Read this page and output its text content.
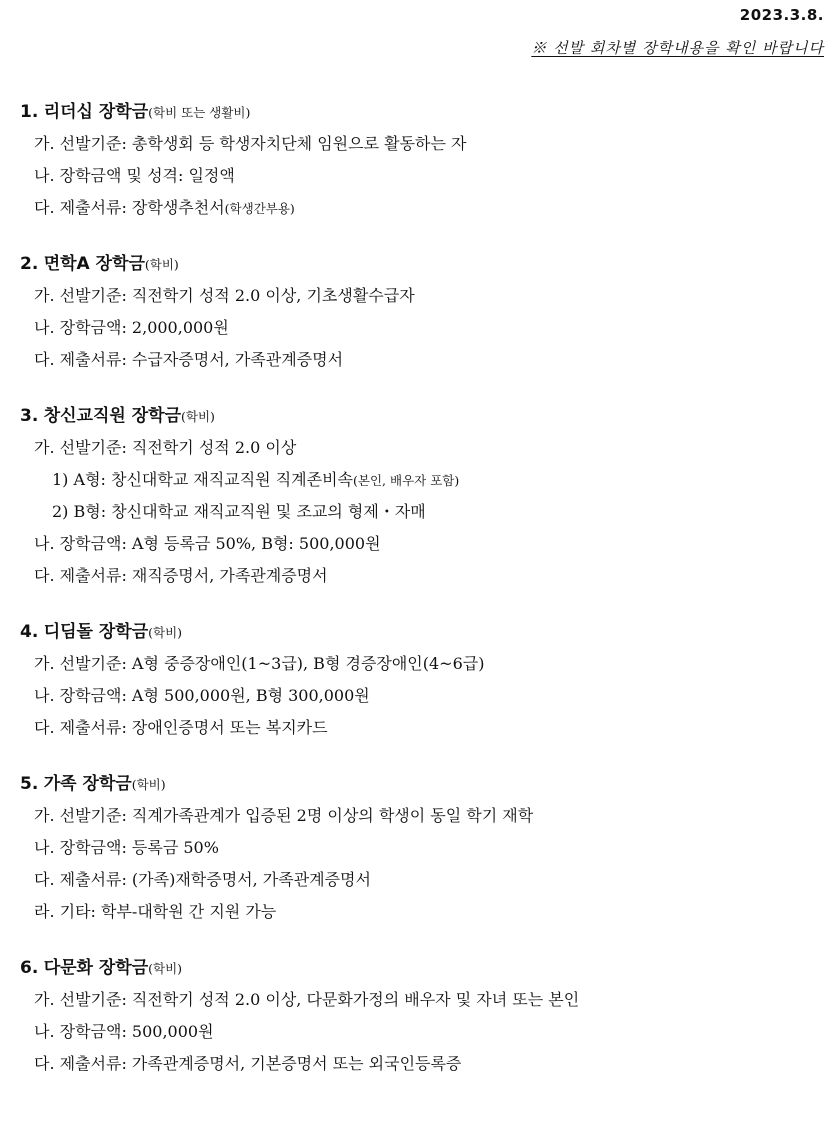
2023.3.8.
※ 선발 회차별 장학내용을 확인 바랍니다
1. 리더십 장학금(학비 또는 생활비)
가. 선발기준: 총학생회 등 학생자치단체 임원으로 활동하는 자
나. 장학금액 및 성격: 일정액
다. 제출서류: 장학생추천서(학생간부용)
2. 면학A 장학금(학비)
가. 선발기준: 직전학기 성적 2.0 이상, 기초생활수급자
나. 장학금액: 2,000,000원
다. 제출서류: 수급자증명서, 가족관계증명서
3. 창신교직원 장학금(학비)
가. 선발기준: 직전학기 성적 2.0 이상
1) A형: 창신대학교 재직교직원 직계존비속(본인, 배우자 포함)
2) B형: 창신대학교 재직교직원 및 조교의 형제・자매
나. 장학금액: A형 등록금 50%, B형: 500,000원
다. 제출서류: 재직증명서, 가족관계증명서
4. 디딤돌 장학금(학비)
가. 선발기준: A형 중증장애인(1~3급), B형 경증장애인(4~6급)
나. 장학금액: A형 500,000원, B형 300,000원
다. 제출서류: 장애인증명서 또는 복지카드
5. 가족 장학금(학비)
가. 선발기준: 직계가족관계가 입증된 2명 이상의 학생이 동일 학기 재학
나. 장학금액: 등록금 50%
다. 제출서류: (가족)재학증명서, 가족관계증명서
라. 기타: 학부-대학원 간 지원 가능
6. 다문화 장학금(학비)
가. 선발기준: 직전학기 성적 2.0 이상, 다문화가정의 배우자 및 자녀 또는 본인
나. 장학금액: 500,000원
다. 제출서류: 가족관계증명서, 기본증명서 또는 외국인등록증
